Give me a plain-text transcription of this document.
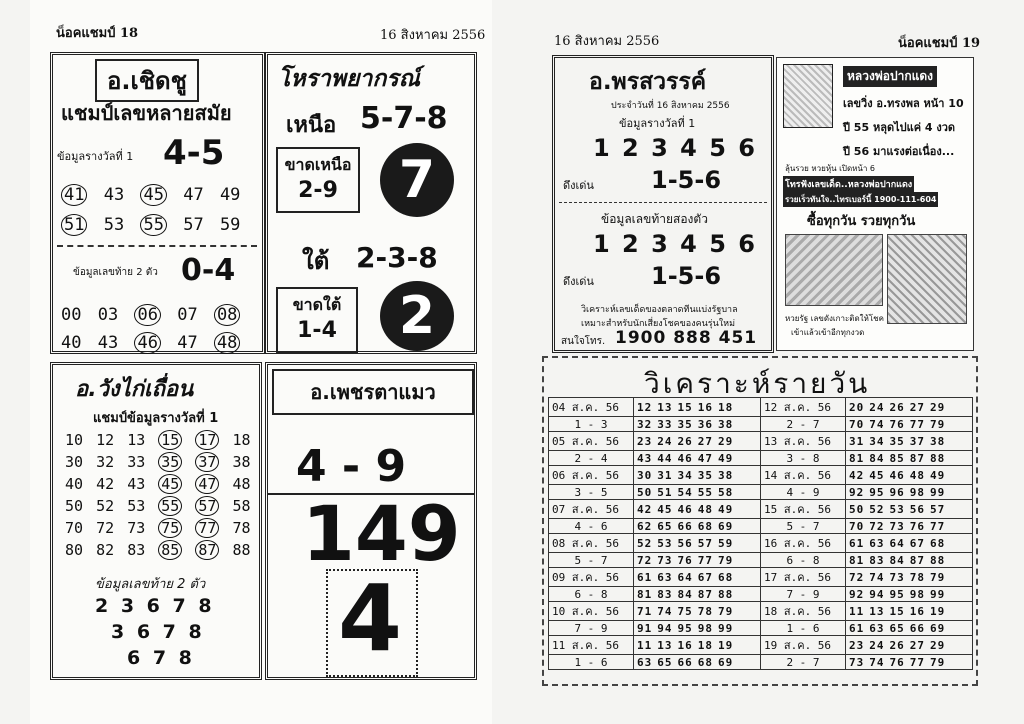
น็อคแชมป์ 18	16 สิงหาคม 2556
อ.เชิดชู
แชมป์เลขหลายสมัย
ข้อมูลรางวัลที่ 1 4-5
41 43 45 47 49
51 53 55 57 59
ข้อมูลเลขท้าย 2 ตัว 0-4
00 03 06 07 08
40 43 46 47 48
โหราพยากรณ์
เหนือ 5-7-8
ขาดเหนือ
2-9	7
ใต้ 2-3-8
ขาดใต้
1-4	2
อ.วังไก่เถื่อน
แชมป์ข้อมูลรางวัลที่ 1
10 12 13 15 17 18
30 32 33 35 37 38
40 42 43 45 47 48
50 52 53 55 57 58
70 72 73 75 77 78
80 82 83 85 87 88
ข้อมูลเลขท้าย 2 ตัว
2 3 6 7 8
3 6 7 8
6 7 8
อ.เพชรตาแมว
4 - 9
149
4
16 สิงหาคม 2556	น็อคแชมป์ 19
อ.พรสวรรค์
ประจำวันที่ 16 สิงหาคม 2556
ข้อมูลรางวัลที่ 1
1 2 3 4 5 6
ดึงเด่น 1-5-6
ข้อมูลเลขท้ายสองตัว
1 2 3 4 5 6
ดึงเด่น 1-5-6
วิเคราะห์เลขเด็ดของตลาดทีนแบ่งรัฐบาล
เหมาะสำหรับนักเสี่ยงโชคของคนรุ่นใหม่
สนใจโทร. 1900 888 451
หลวงพ่อปากแดง
เลขวิ่ง อ.ทรงพล หน้า 10
ปี 55 หลุดไปแค่ 4 งวด
ปี 56 มาแรงต่อเนื่อง...
ลุ้นรวย หวยหุ้น เปิดหน้า 6
โทรฟังเลขเด็ด..หลวงพ่อปากแดง
รวยเร็วทันใจ..ไทรเบอร์นี้ 1900-111-604
ซื้อทุกวัน รวยทุกวัน
หวยรัฐ เลขดังเกาะติดให้โชค
เข้าแล้วเข้าอีกทุกงวด
วิเคราะห์รายวัน
04 ส.ค. 56	12 13 15 16 18	12 ส.ค. 56	20 24 26 27 29
1 - 3	32 33 35 36 38	2 - 7	70 74 76 77 79
05 ส.ค. 56	23 24 26 27 29	13 ส.ค. 56	31 34 35 37 38
2 - 4	43 44 46 47 49	3 - 8	81 84 85 87 88
06 ส.ค. 56	30 31 34 35 38	14 ส.ค. 56	42 45 46 48 49
3 - 5	50 51 54 55 58	4 - 9	92 95 96 98 99
07 ส.ค. 56	42 45 46 48 49	15 ส.ค. 56	50 52 53 56 57
4 - 6	62 65 66 68 69	5 - 7	70 72 73 76 77
08 ส.ค. 56	52 53 56 57 59	16 ส.ค. 56	61 63 64 67 68
5 - 7	72 73 76 77 79	6 - 8	81 83 84 87 88
09 ส.ค. 56	61 63 64 67 68	17 ส.ค. 56	72 74 73 78 79
6 - 8	81 83 84 87 88	7 - 9	92 94 95 98 99
10 ส.ค. 56	71 74 75 78 79	18 ส.ค. 56	11 13 15 16 19
7 - 9	91 94 95 98 99	1 - 6	61 63 65 66 69
11 ส.ค. 56	11 13 16 18 19	19 ส.ค. 56	23 24 26 27 29
1 - 6	63 65 66 68 69	2 - 7	73 74 76 77 79
